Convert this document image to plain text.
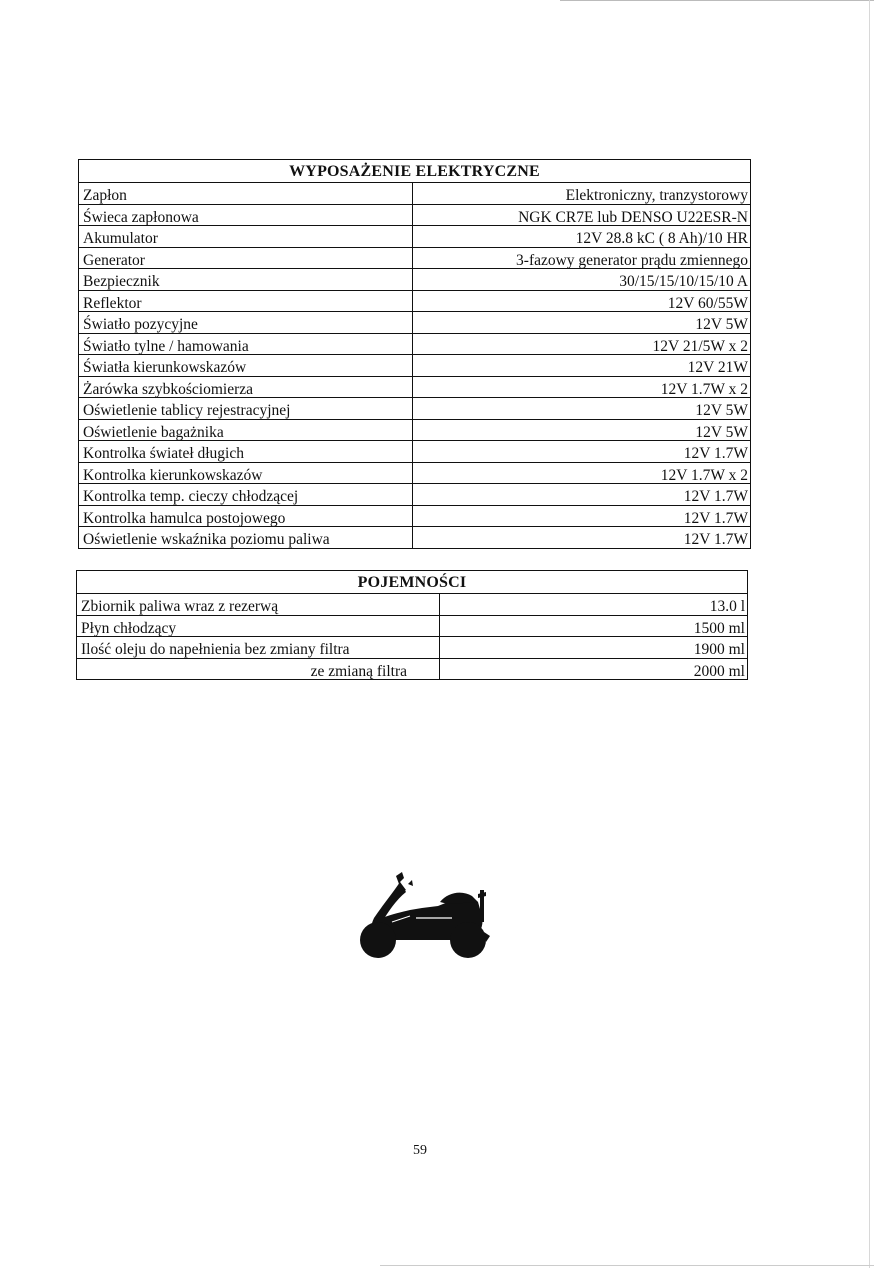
WYPOSAŻENIE ELEKTRYCZNE	
Zapłon	Elektroniczny, tranzystorowy
Świeca zapłonowa	NGK CR7E lub DENSO U22ESR-N
Akumulator	12V 28.8 kC ( 8 Ah)/10 HR
Generator	3-fazowy generator prądu zmiennego
Bezpiecznik	30/15/15/10/15/10 A
Reflektor	12V 60/55W
Światło pozycyjne	12V 5W
Światło tylne / hamowania	12V 21/5W x 2
Światła kierunkowskazów	12V 21W
Żarówka szybkościomierza	12V 1.7W x 2
Oświetlenie tablicy rejestracyjnej	12V 5W
Oświetlenie bagażnika	12V 5W
Kontrolka świateł długich	12V 1.7W
Kontrolka kierunkowskazów	12V 1.7W x 2
Kontrolka temp. cieczy chłodzącej	12V 1.7W
Kontrolka hamulca postojowego	12V 1.7W
Oświetlenie wskaźnika poziomu paliwa	12V 1.7W
POJEMNOŚCI	
Zbiornik paliwa wraz z rezerwą	13.0 l
Płyn chłodzący	1500 ml
Ilość oleju do napełnienia bez zmiany filtra	1900 ml
ze zmianą filtra	2000 ml
59
